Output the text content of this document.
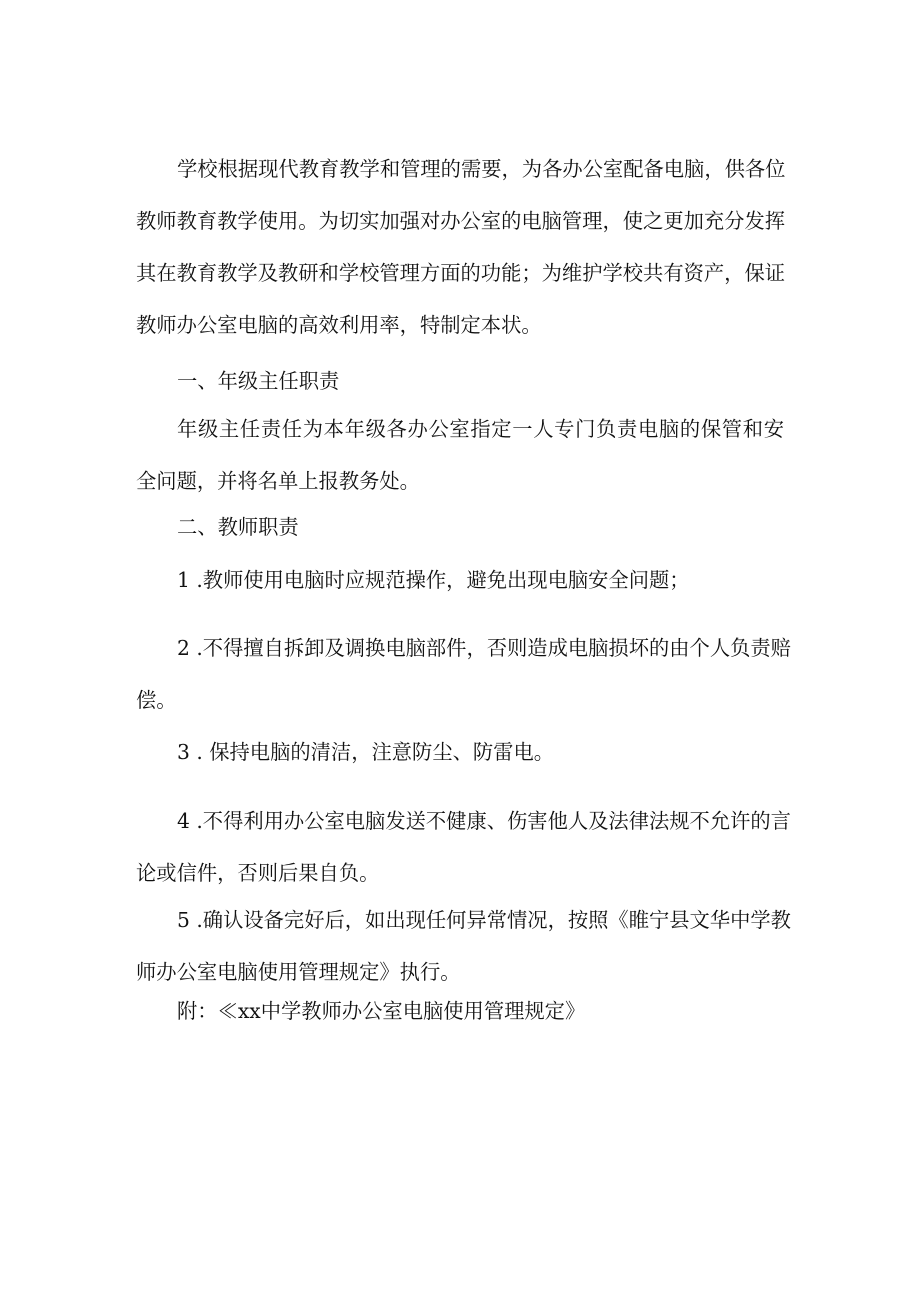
学校根据现代教育教学和管理的需要，为各办公室配备电脑，供各位
教师教育教学使用。为切实加强对办公室的电脑管理，使之更加充分发挥
其在教育教学及教研和学校管理方面的功能；为维护学校共有资产，保证
教师办公室电脑的高效利用率，特制定本状。
一、年级主任职责
年级主任责任为本年级各办公室指定一人专门负责电脑的保管和安
全问题，并将名单上报教务处。
二、教师职责
1 .教师使用电脑时应规范操作，避免出现电脑安全问题；
2 .不得擅自拆卸及调换电脑部件，否则造成电脑损坏的由个人负责赔
偿。
3 . 保持电脑的清洁，注意防尘、防雷电。
4 .不得利用办公室电脑发送不健康、伤害他人及法律法规不允许的言
论或信件，否则后果自负。
5 .确认设备完好后，如出现任何异常情况，按照《睢宁县文华中学教
师办公室电脑使用管理规定》执行。
附：≪xx中学教师办公室电脑使用管理规定》
